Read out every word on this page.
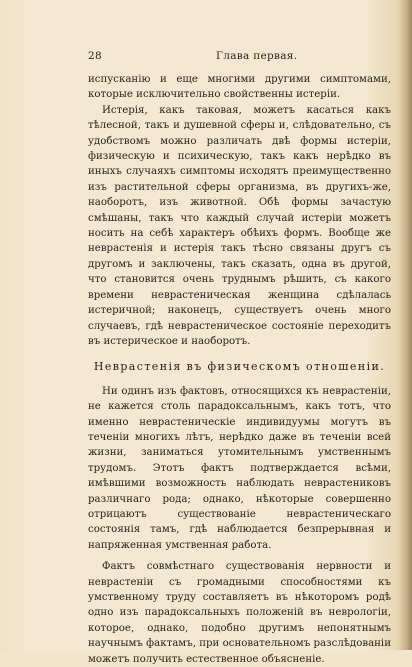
28	Глава первая.

испусканію и еще многими другими симптомами, которые исключительно свойственны истеріи.

Истерія, какъ таковая, можетъ касаться какъ тѣлесной, такъ и душевной сферы и, слѣдовательно, съ удобствомъ можно различать двѣ формы истеріи, физическую и психическую, такъ какъ нерѣдко въ иныхъ случаяхъ симптомы исходятъ преимущественно изъ растительной сферы организма, въ другихъ-же, наоборотъ, изъ животной. Обѣ формы зачастую смѣшаны, такъ что каждый случай истеріи можетъ носить на себѣ характеръ обѣихъ формъ. Вообще же неврастенія и истерія такъ тѣсно связаны другъ съ другомъ и заключены, такъ сказать, одна въ другой, что становится очень труднымъ рѣшить, съ какого времени неврастеническая женщина сдѣлалась истеричной; наконецъ, существуетъ очень много случаевъ, гдѣ неврастеническое состояніе переходитъ въ истерическое и наоборотъ.

Неврастенія въ физическомъ отношеніи.

Ни одинъ изъ фактовъ, относящихся къ неврастеніи, не кажется столь парадоксальнымъ, какъ тотъ, что именно неврастеническіе индивидуумы могутъ въ теченіи многихъ лѣтъ, нерѣдко даже въ теченіи всей жизни, заниматься утомительнымъ умственнымъ трудомъ. Этотъ фактъ подтверждается всѣми, имѣвшими возможность наблюдать неврастениковъ различнаго рода; однако, нѣкоторые совершенно отрицаютъ существованіе неврастеническаго состоянія тамъ, гдѣ наблюдается безпрерывная и напряженная умственная работа.

Фактъ совмѣстнаго существованія нервности и неврастеніи съ громадными способностями къ умственному труду составляетъ въ нѣкоторомъ родѣ одно изъ парадоксальныхъ положеній въ неврологіи, которое, однако, подобно другимъ непонятнымъ научнымъ фактамъ, при основательномъ разслѣдованіи можетъ получить естественное объясненіе.
